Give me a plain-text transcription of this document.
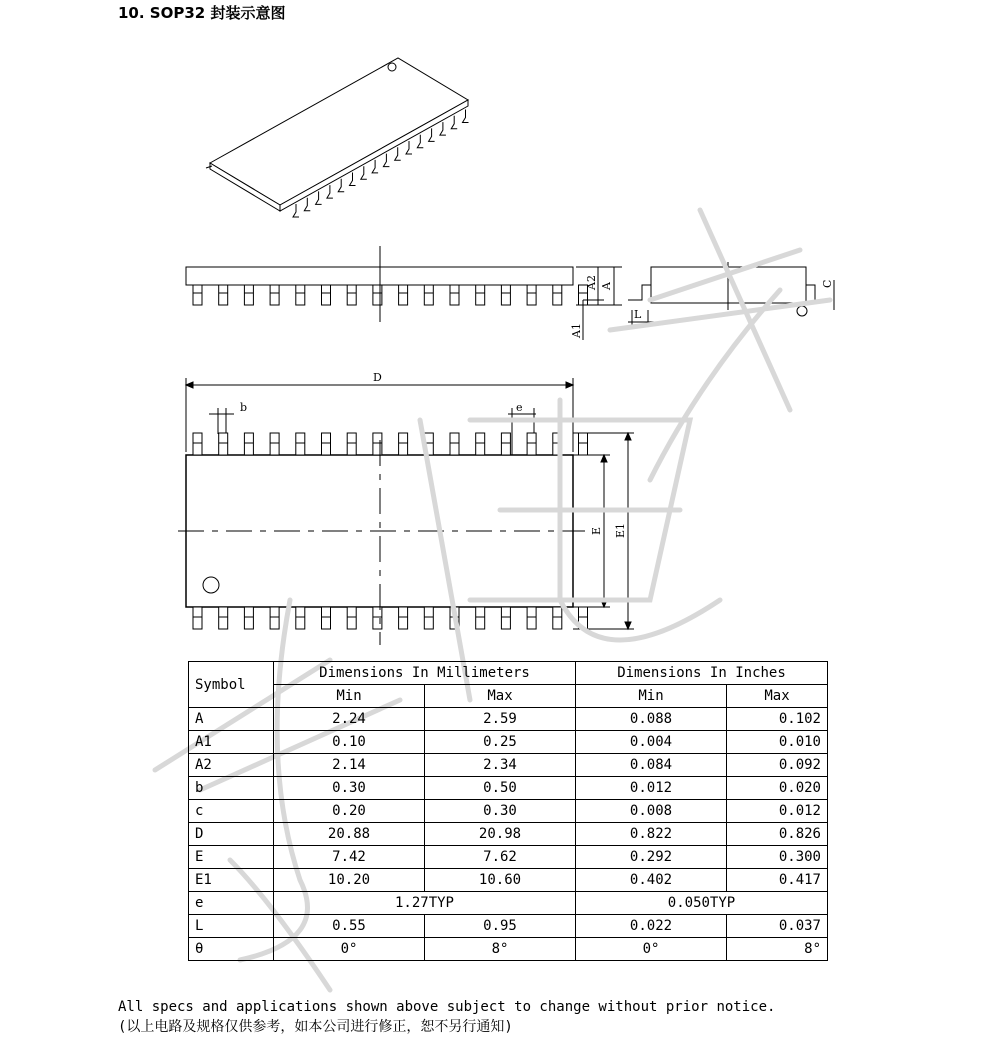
10. SOP32 封装示意图
A2 A
A1
L
C
D
b	e
E E1
Symbol	Dimensions In Millimeters		Dimensions In Inches	
	Min	Max	Min	Max
A	2.24	2.59	0.088	0.102
A1	0.10	0.25	0.004	0.010
A2	2.14	2.34	0.084	0.092
b	0.30	0.50	0.012	0.020
c	0.20	0.30	0.008	0.012
D	20.88	20.98	0.822	0.826
E	7.42	7.62	0.292	0.300
E1	10.20	10.60	0.402	0.417
e	1.27TYP		0.050TYP	
L	0.55	0.95	0.022	0.037
θ	0°	8°	0°	8°
All specs and applications shown above subject to change without prior notice.
(以上电路及规格仅供参考，如本公司进行修正，恕不另行通知)
